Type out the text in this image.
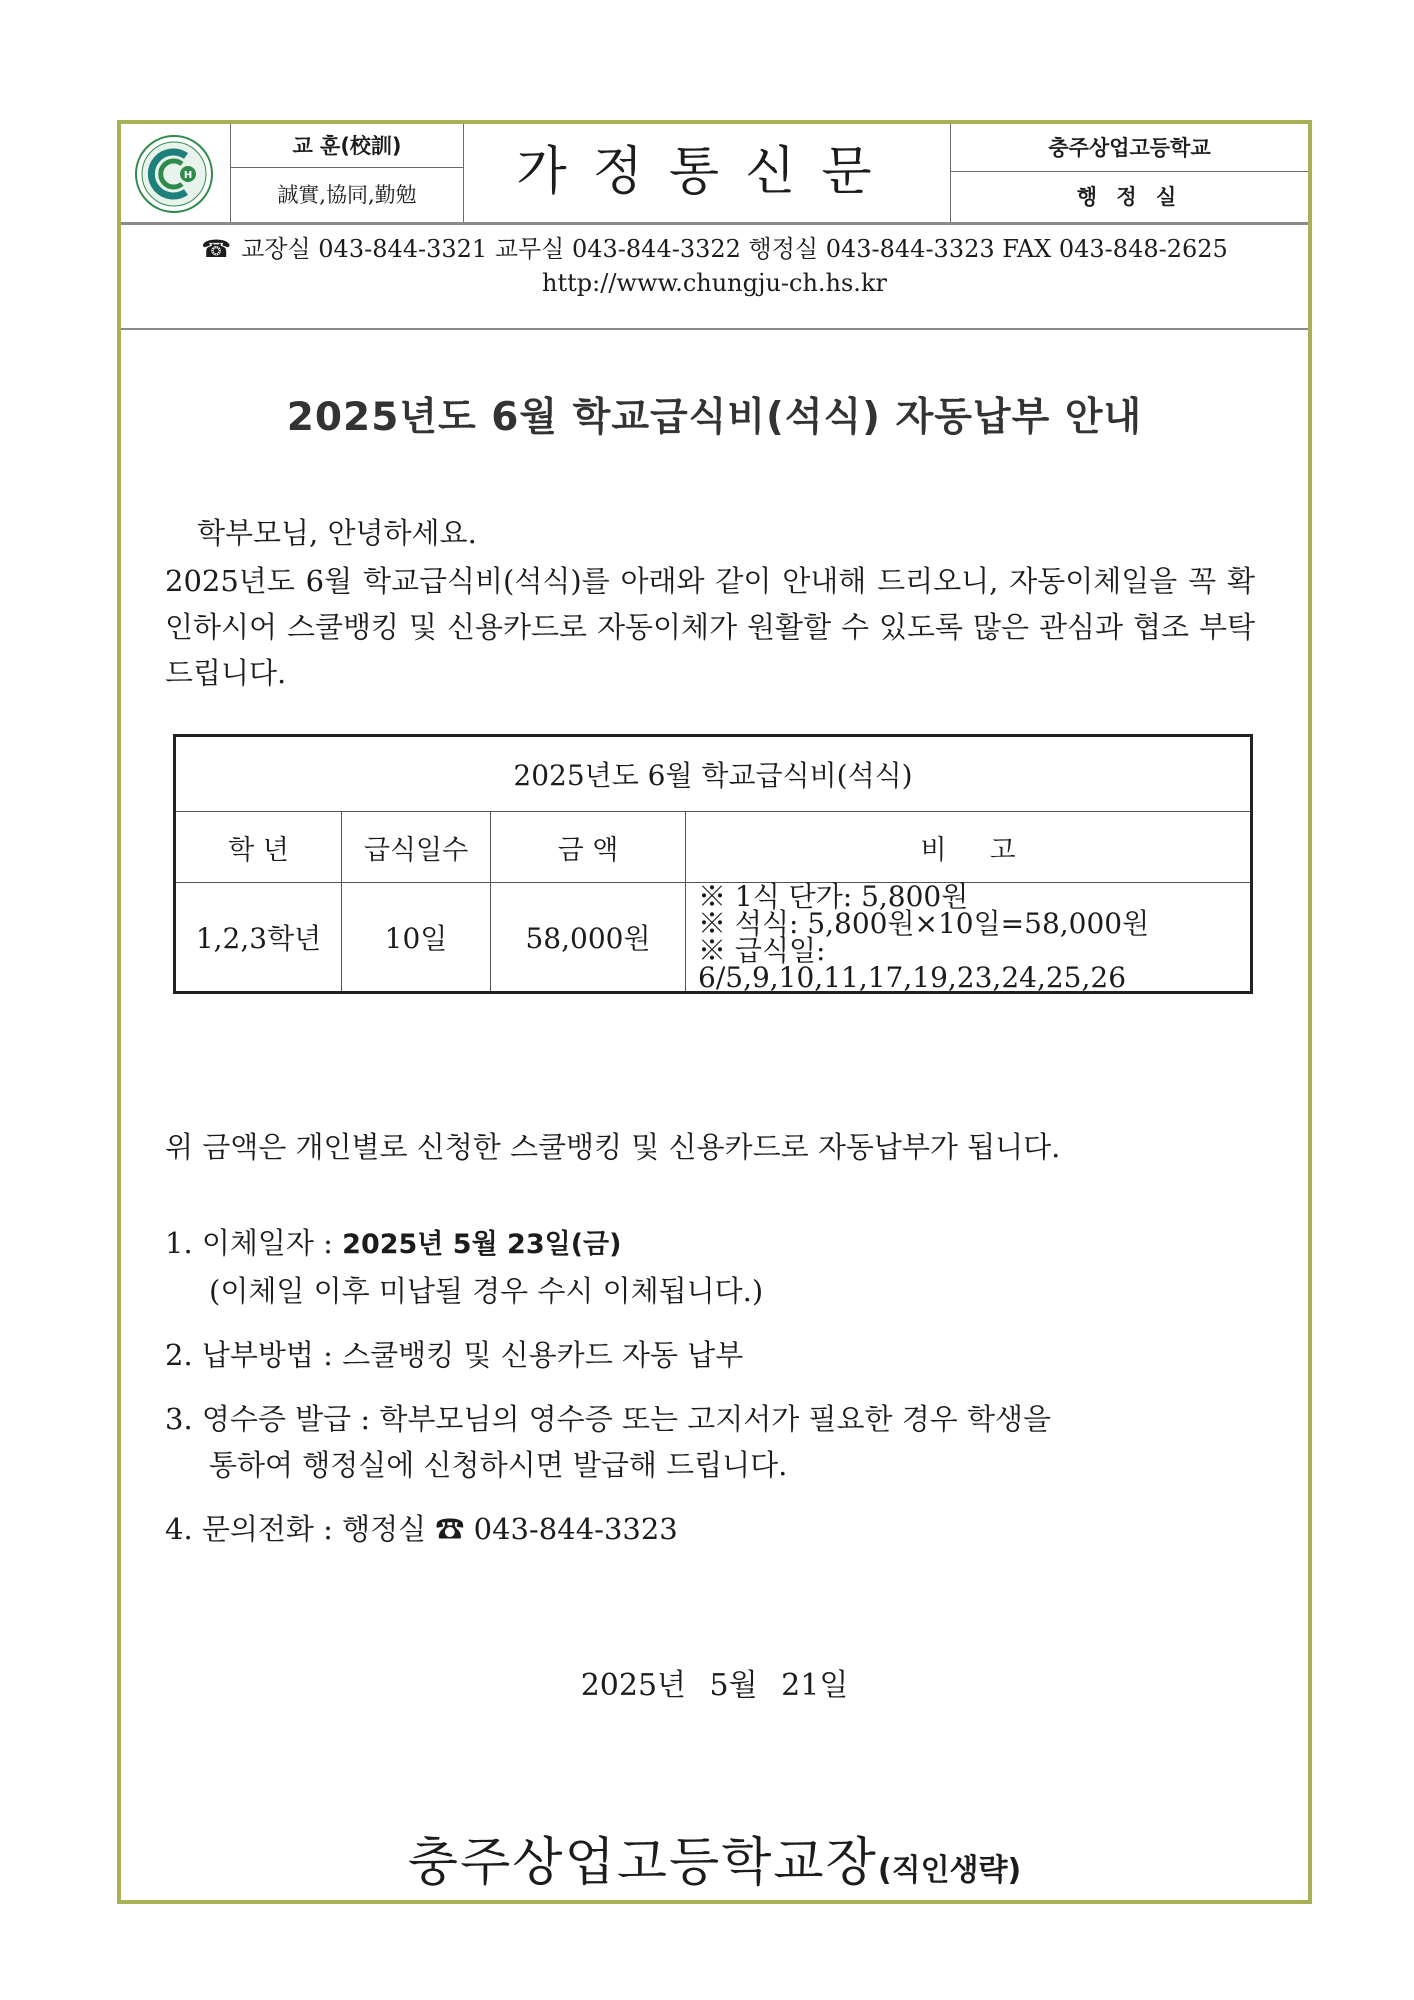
H
교 훈(校訓)
誠實,協同,勤勉	가정통신문	충주상업고등학교
행 정 실
☎ 교장실 043-844-3321 교무실 043-844-3322 행정실 043-844-3323 FAX 043-848-2625
http://www.chungju-ch.hs.kr
2025년도 6월 학교급식비(석식) 자동납부 안내
학부모님, 안녕하세요.
2025년도 6월 학교급식비(석식)를 아래와 같이 안내해 드리오니, 자동이체일을 꼭 확인하시어 스쿨뱅킹 및 신용카드로 자동이체가 원활할 수 있도록 많은 관심과 협조 부탁드립니다.
2025년도 6월 학교급식비(석식)			
학 년	급식일수	금 액	비     고
1,2,3학년	10일	58,000원	※ 1식 단가: 5,800원
※ 석식: 5,800원×10일=58,000원
※ 급식일: 6/5,9,10,11,17,19,23,24,25,26
위 금액은 개인별로 신청한 스쿨뱅킹 및 신용카드로 자동납부가 됩니다.
1. 이체일자 : 2025년 5월 23일(금)
(이체일 이후 미납될 경우 수시 이체됩니다.)
2. 납부방법 : 스쿨뱅킹 및 신용카드 자동 납부
3. 영수증 발급 : 학부모님의 영수증 또는 고지서가 필요한 경우 학생을
통하여 행정실에 신청하시면 발급해 드립니다.
4. 문의전화 : 행정실 ☎ 043-844-3323
2025년 5월 21일
충주상업고등학교장(직인생략)
